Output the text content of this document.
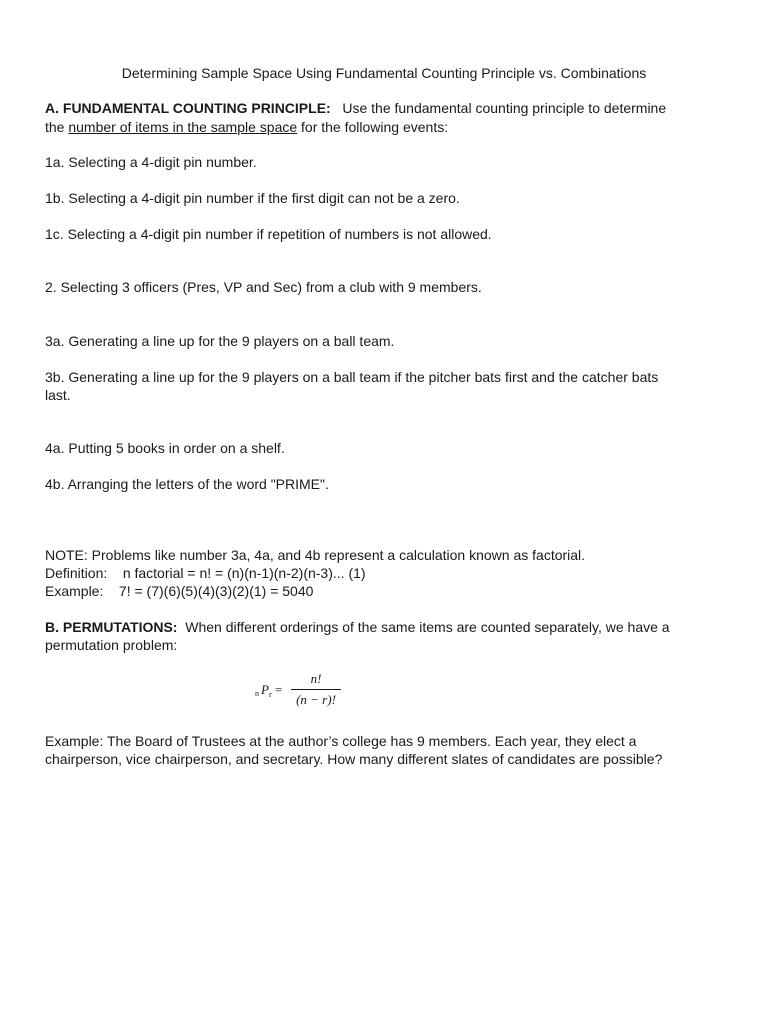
Determining Sample Space Using Fundamental Counting Principle vs. Combinations
A. FUNDAMENTAL COUNTING PRINCIPLE:   Use the fundamental counting principle to determine
the number of items in the sample space for the following events:
1a. Selecting a 4-digit pin number.
1b. Selecting a 4-digit pin number if the first digit can not be a zero.
1c. Selecting a 4-digit pin number if repetition of numbers is not allowed.
2. Selecting 3 officers (Pres, VP and Sec) from a club with 9 members.
3a. Generating a line up for the 9 players on a ball team.
3b. Generating a line up for the 9 players on a ball team if the pitcher bats first and the catcher bats
last.
4a. Putting 5 books in order on a shelf.
4b. Arranging the letters of the word "PRIME".
NOTE: Problems like number 3a, 4a, and 4b represent a calculation known as factorial.
Definition:    n factorial = n! = (n)(n-1)(n-2)(n-3)... (1)
Example:    7! = (7)(6)(5)(4)(3)(2)(1) = 5040
B. PERMUTATIONS:  When different orderings of the same items are counted separately, we have a
permutation problem:
$_n$ $P_r = \frac{n!}{(n - r)!}$
Example: The Board of Trustees at the author’s college has 9 members. Each year, they elect a
chairperson, vice chairperson, and secretary. How many different slates of candidates are possible?
